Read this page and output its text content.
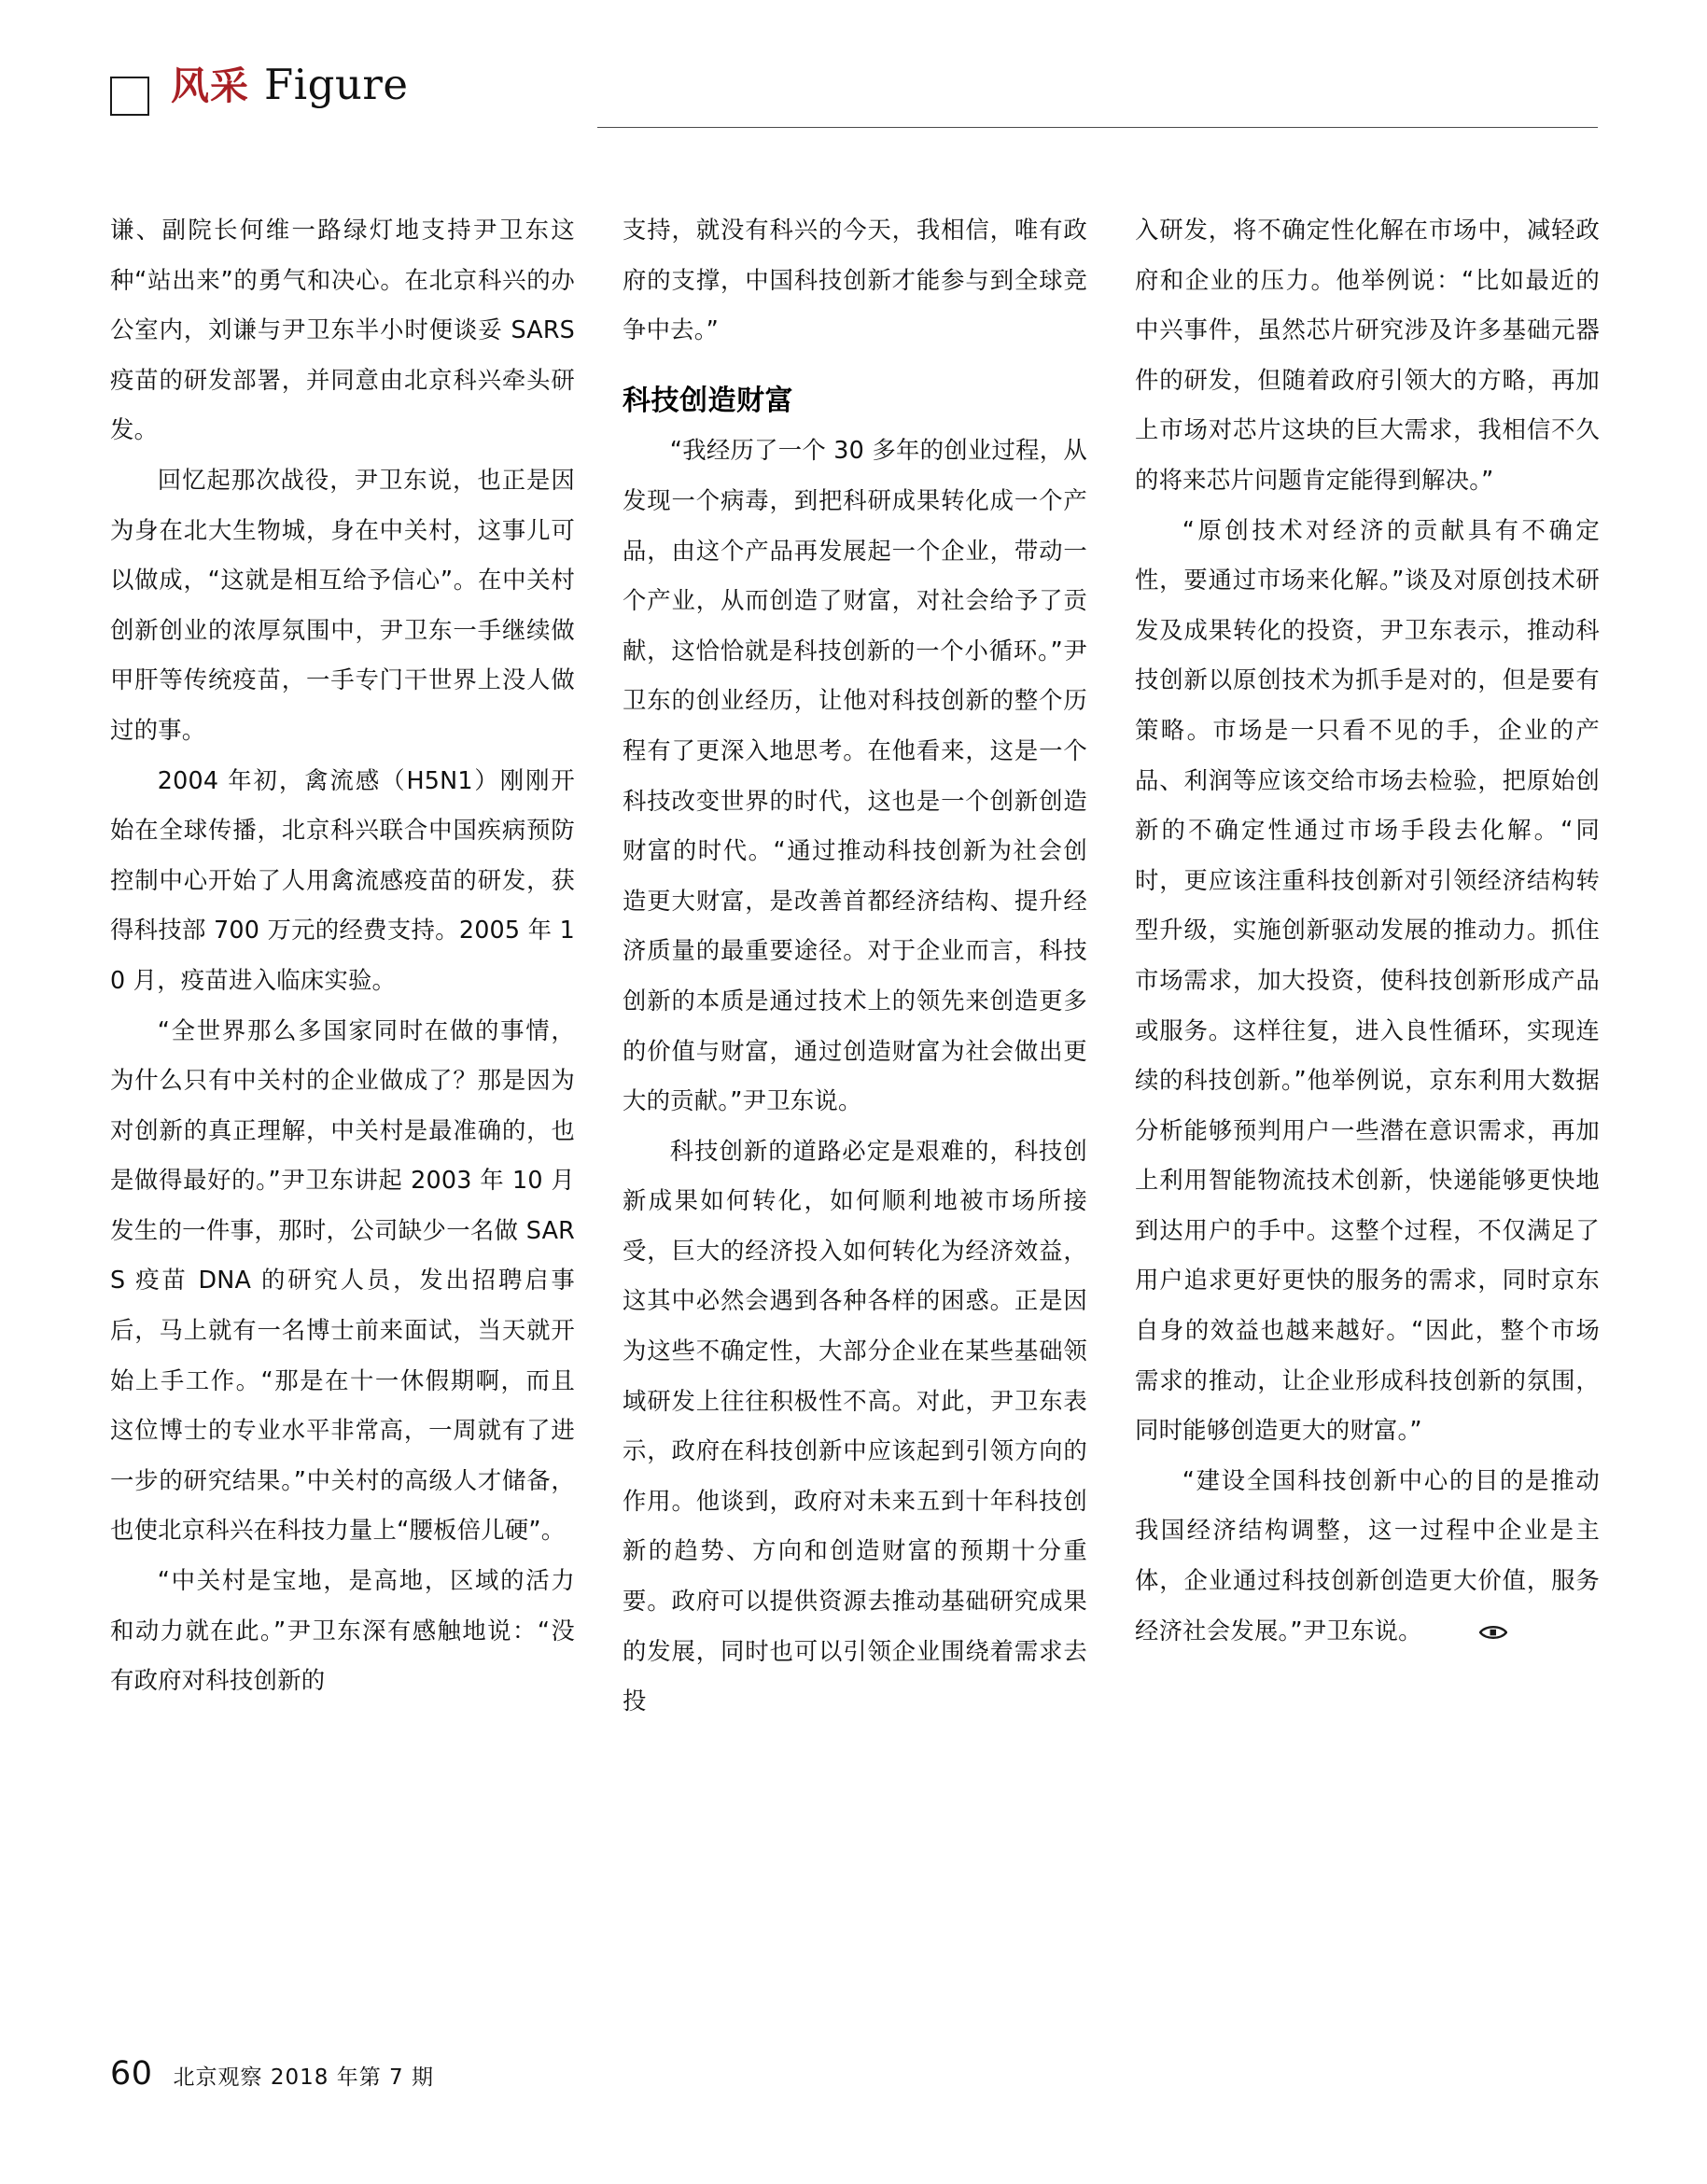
风采 Figure

谦、副院长何维一路绿灯地支持尹卫东这种“站出来”的勇气和决心。在北京科兴的办公室内，刘谦与尹卫东半小时便谈妥 SARS 疫苗的研发部署，并同意由北京科兴牵头研发。

回忆起那次战役，尹卫东说，也正是因为身在北大生物城，身在中关村，这事儿可以做成，“这就是相互给予信心”。在中关村创新创业的浓厚氛围中，尹卫东一手继续做甲肝等传统疫苗，一手专门干世界上没人做过的事。

2004 年初，禽流感（H5N1）刚刚开始在全球传播，北京科兴联合中国疾病预防控制中心开始了人用禽流感疫苗的研发，获得科技部 700 万元的经费支持。2005 年 10 月，疫苗进入临床实验。

“全世界那么多国家同时在做的事情，为什么只有中关村的企业做成了？那是因为对创新的真正理解，中关村是最准确的，也是做得最好的。”尹卫东讲起 2003 年 10 月发生的一件事，那时，公司缺少一名做 SARS 疫苗 DNA 的研究人员，发出招聘启事后，马上就有一名博士前来面试，当天就开始上手工作。“那是在十一休假期啊，而且这位博士的专业水平非常高，一周就有了进一步的研究结果。”中关村的高级人才储备，也使北京科兴在科技力量上“腰板倍儿硬”。

“中关村是宝地，是高地，区域的活力和动力就在此。”尹卫东深有感触地说：“没有政府对科技创新的

支持，就没有科兴的今天，我相信，唯有政府的支撑，中国科技创新才能参与到全球竞争中去。”

科技创造财富

“我经历了一个 30 多年的创业过程，从发现一个病毒，到把科研成果转化成一个产品，由这个产品再发展起一个企业，带动一个产业，从而创造了财富，对社会给予了贡献，这恰恰就是科技创新的一个小循环。”尹卫东的创业经历，让他对科技创新的整个历程有了更深入地思考。在他看来，这是一个科技改变世界的时代，这也是一个创新创造财富的时代。“通过推动科技创新为社会创造更大财富，是改善首都经济结构、提升经济质量的最重要途径。对于企业而言，科技创新的本质是通过技术上的领先来创造更多的价值与财富，通过创造财富为社会做出更大的贡献。”尹卫东说。

科技创新的道路必定是艰难的，科技创新成果如何转化，如何顺利地被市场所接受，巨大的经济投入如何转化为经济效益，这其中必然会遇到各种各样的困惑。正是因为这些不确定性，大部分企业在某些基础领域研发上往往积极性不高。对此，尹卫东表示，政府在科技创新中应该起到引领方向的作用。他谈到，政府对未来五到十年科技创新的趋势、方向和创造财富的预期十分重要。政府可以提供资源去推动基础研究成果的发展，同时也可以引领企业围绕着需求去投

入研发，将不确定性化解在市场中，减轻政府和企业的压力。他举例说：“比如最近的中兴事件，虽然芯片研究涉及许多基础元器件的研发，但随着政府引领大的方略，再加上市场对芯片这块的巨大需求，我相信不久的将来芯片问题肯定能得到解决。”

“原创技术对经济的贡献具有不确定性，要通过市场来化解。”谈及对原创技术研发及成果转化的投资，尹卫东表示，推动科技创新以原创技术为抓手是对的，但是要有策略。市场是一只看不见的手，企业的产品、利润等应该交给市场去检验，把原始创新的不确定性通过市场手段去化解。“同时，更应该注重科技创新对引领经济结构转型升级，实施创新驱动发展的推动力。抓住市场需求，加大投资，使科技创新形成产品或服务。这样往复，进入良性循环，实现连续的科技创新。”他举例说，京东利用大数据分析能够预判用户一些潜在意识需求，再加上利用智能物流技术创新，快递能够更快地到达用户的手中。这整个过程，不仅满足了用户追求更好更快的服务的需求，同时京东自身的效益也越来越好。“因此，整个市场需求的推动，让企业形成科技创新的氛围，同时能够创造更大的财富。”

“建设全国科技创新中心的目的是推动我国经济结构调整，这一过程中企业是主体，企业通过科技创新创造更大价值，服务经济社会发展。”尹卫东说。

60 北京观察 2018 年第 7 期
